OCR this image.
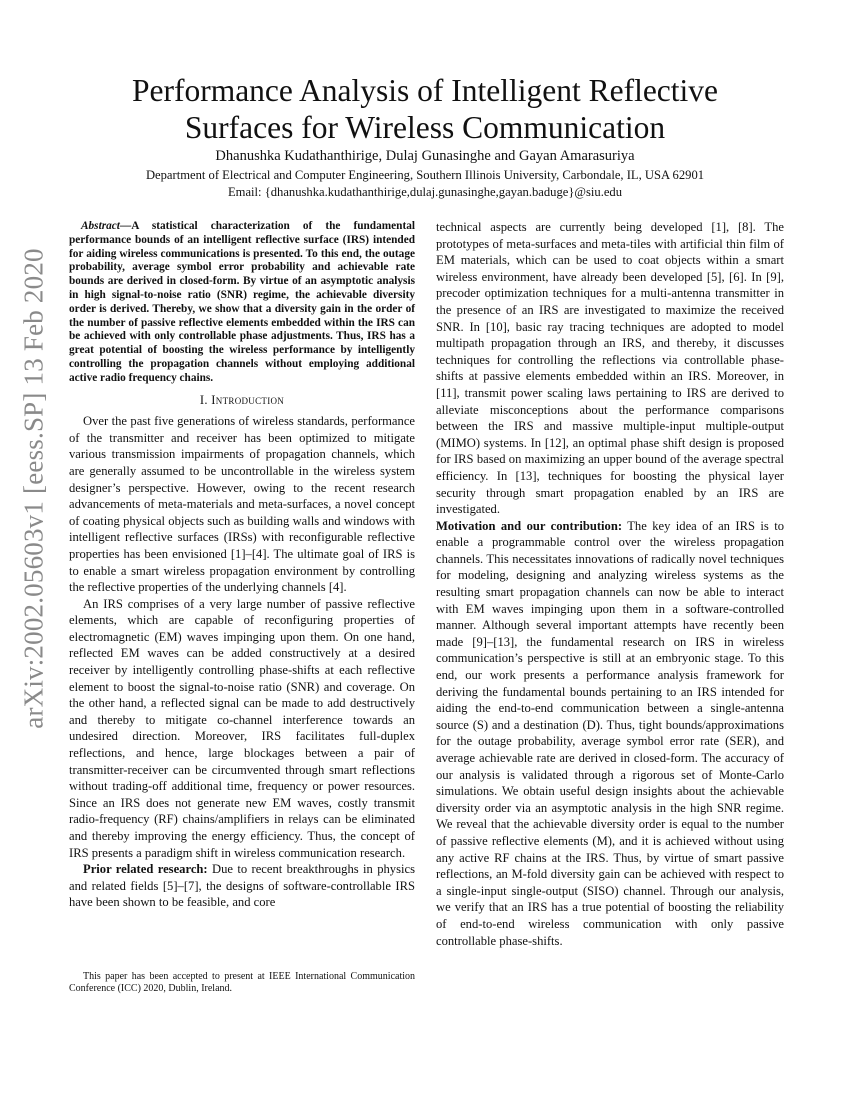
arXiv:2002.05603v1 [eess.SP] 13 Feb 2020
Performance Analysis of Intelligent Reflective Surfaces for Wireless Communication
Dhanushka Kudathanthirige, Dulaj Gunasinghe and Gayan Amarasuriya
Department of Electrical and Computer Engineering, Southern Illinois University, Carbondale, IL, USA 62901
Email: {dhanushka.kudathanthirige,dulaj.gunasinghe,gayan.baduge}@siu.edu

Abstract—A statistical characterization of the fundamental performance bounds of an intelligent reflective surface (IRS) intended for aiding wireless communications is presented. To this end, the outage probability, average symbol error probability and achievable rate bounds are derived in closed-form. By virtue of an asymptotic analysis in high signal-to-noise ratio (SNR) regime, the achievable diversity order is derived. Thereby, we show that a diversity gain in the order of the number of passive reflective elements embedded within the IRS can be achieved with only controllable phase adjustments. Thus, IRS has a great potential of boosting the wireless performance by intelligently controlling the propagation channels without employing additional active radio frequency chains.

I. Introduction

Over the past five generations of wireless standards, performance of the transmitter and receiver has been optimized to mitigate various transmission impairments of propagation channels, which are generally assumed to be uncontrollable in the wireless system designer’s perspective. However, owing to the recent research advancements of meta-materials and meta-surfaces, a novel concept of coating physical objects such as building walls and windows with intelligent reflective surfaces (IRSs) with reconfigurable reflective properties has been envisioned [1]–[4]. The ultimate goal of IRS is to enable a smart wireless propagation environment by controlling the reflective properties of the underlying channels [4].

An IRS comprises of a very large number of passive reflective elements, which are capable of reconfiguring properties of electromagnetic (EM) waves impinging upon them. On one hand, reflected EM waves can be added constructively at a desired receiver by intelligently controlling phase-shifts at each reflective element to boost the signal-to-noise ratio (SNR) and coverage. On the other hand, a reflected signal can be made to add destructively and thereby to mitigate co-channel interference towards an undesired direction. Moreover, IRS facilitates full-duplex reflections, and hence, large blockages between a pair of transmitter-receiver can be circumvented through smart reflections without trading-off additional time, frequency or power resources. Since an IRS does not generate new EM waves, costly transmit radio-frequency (RF) chains/amplifiers in relays can be eliminated and thereby improving the energy efficiency. Thus, the concept of IRS presents a paradigm shift in wireless communication research.

Prior related research: Due to recent breakthroughs in physics and related fields [5]–[7], the designs of software-controllable IRS have been shown to be feasible, and core

technical aspects are currently being developed [1], [8]. The prototypes of meta-surfaces and meta-tiles with artificial thin film of EM materials, which can be used to coat objects within a smart wireless environment, have already been developed [5], [6]. In [9], precoder optimization techniques for a multi-antenna transmitter in the presence of an IRS are investigated to maximize the received SNR. In [10], basic ray tracing techniques are adopted to model multipath propagation through an IRS, and thereby, it discusses techniques for controlling the reflections via controllable phase-shifts at passive elements embedded within an IRS. Moreover, in [11], transmit power scaling laws pertaining to IRS are derived to alleviate misconceptions about the performance comparisons between the IRS and massive multiple-input multiple-output (MIMO) systems. In [12], an optimal phase shift design is proposed for IRS based on maximizing an upper bound of the average spectral efficiency. In [13], techniques for boosting the physical layer security through smart propagation enabled by an IRS are investigated.

Motivation and our contribution: The key idea of an IRS is to enable a programmable control over the wireless propagation channels. This necessitates innovations of radically novel techniques for modeling, designing and analyzing wireless systems as the resulting smart propagation channels can now be able to interact with EM waves impinging upon them in a software-controlled manner. Although several important attempts have recently been made [9]–[13], the fundamental research on IRS in wireless communication’s perspective is still at an embryonic stage. To this end, our work presents a performance analysis framework for deriving the fundamental bounds pertaining to an IRS intended for aiding the end-to-end communication between a single-antenna source (S) and a destination (D). Thus, tight bounds/approximations for the outage probability, average symbol error rate (SER), and average achievable rate are derived in closed-form. The accuracy of our analysis is validated through a rigorous set of Monte-Carlo simulations. We obtain useful design insights about the achievable diversity order via an asymptotic analysis in the high SNR regime. We reveal that the achievable diversity order is equal to the number of passive reflective elements (M), and it is achieved without using any active RF chains at the IRS. Thus, by virtue of smart passive reflections, an M-fold diversity gain can be achieved with respect to a single-input single-output (SISO) channel. Through our analysis, we verify that an IRS has a true potential of boosting the reliability of end-to-end wireless communication with only passive controllable phase-shifts.

This paper has been accepted to present at IEEE International Communication Conference (ICC) 2020, Dublin, Ireland.
